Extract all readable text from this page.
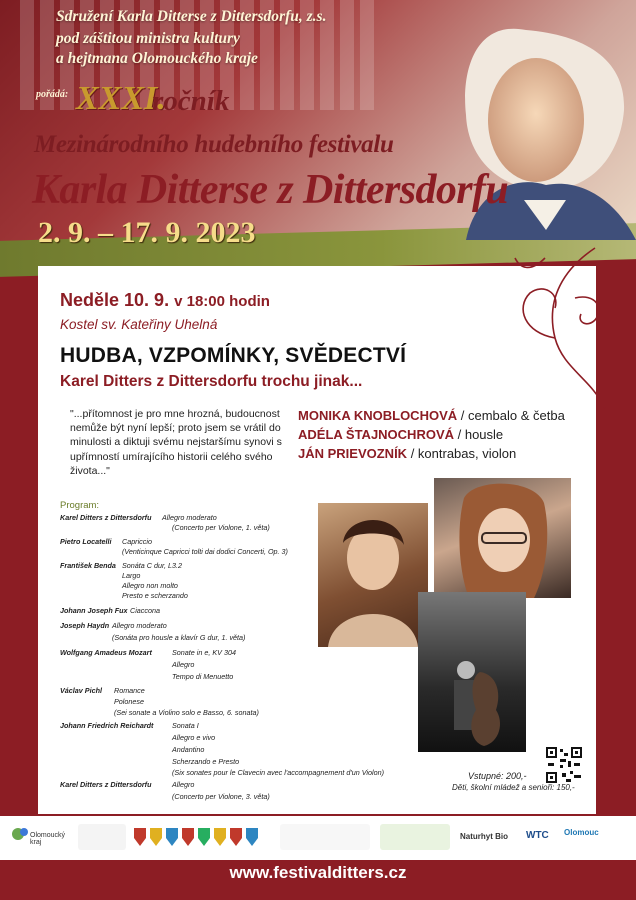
Sdružení Karla Ditterse z Dittersdorfu, z.s.
pod záštitou ministra kultury
a hejtmana Olomouckého kraje
pořádá: XXXI.
ročník
Mezinárodního hudebního festivalu
Karla Ditterse z Dittersdorfu
2. 9. – 17. 9. 2023
Neděle 10. 9. v 18:00 hodin
Kostel sv. Kateřiny Uhelná
HUDBA, VZPOMÍNKY, SVĚDECTVÍ
Karel Ditters z Dittersdorfu trochu jinak...
"...přítomnost je pro mne hrozná, budoucnost nemůže být nyní lepší; proto jsem se vrátil do minulosti a diktuji svému nejstaršímu synovi s upřímností umírajícího historii celého svého života..."
MONIKA KNOBLOCHOVÁ / cembalo & četba
ADÉLA ŠTAJNOCHROVÁ / housle
JÁN PRIEVOZNÍK / kontrabas, violon
Program:
Karel Ditters z Dittersdorfu Allegro moderato
(Concerto per Violone, 1. věta)
Pietro Locatelli Capriccio
(Venticinque Capricci tolti dai dodici Concerti, Op. 3)
František Benda Sonáta C dur, L3.2
Largo
Allegro non molto
Presto e scherzando
Johann Joseph Fux Ciaccona
Joseph Haydn Allegro moderato
(Sonáta pro housle a klavír G dur, 1. věta)
Wolfgang Amadeus Mozart	Sonate in e, KV 304
Allegro
Tempo di Menuetto
Václav Pichl Romance
Polonese
(Sei sonate a Violino solo e Basso, 6. sonata)
Johann Friedrich Reichardt	Sonata I
Allegro e vivo
Andantino
Scherzando e Presto
(Six sonates pour le Clavecin avec l'accompagnement d'un Violon)
Karel Ditters z Dittersdorfu	Allegro
(Concerto per Violone, 3. věta)
Vstupné: 200,-
Děti, školní mládež a senioři: 150,-
Olomoucký kraj
Naturhyt Bio WTC Olomouc
www.festivalditters.cz
